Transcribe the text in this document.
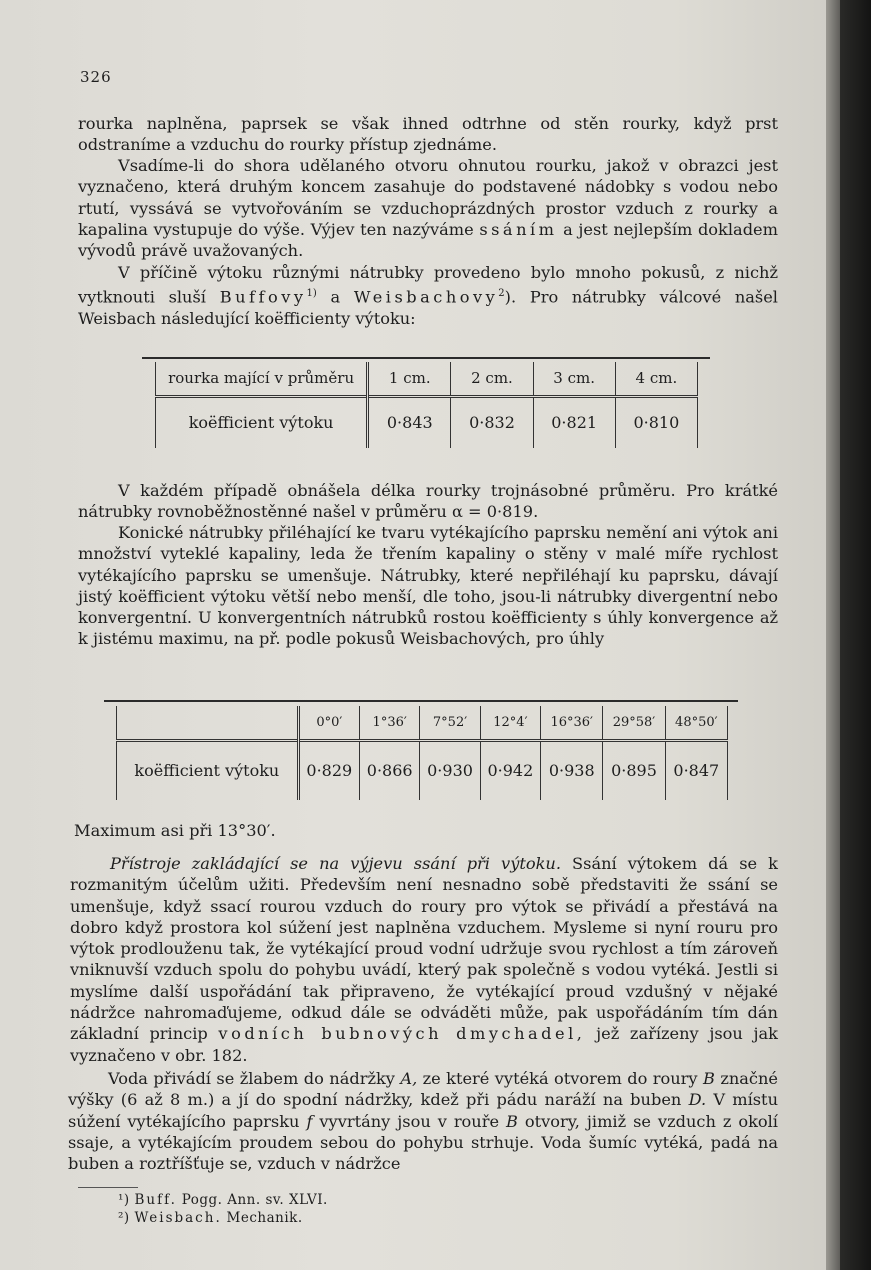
326

rourka naplněna, paprsek se však ihned odtrhne od stěn rourky, když prst odstraníme a vzduchu do rourky přístup zjednáme.

Vsadíme-li do shora udělaného otvoru ohnutou rourku, jakož v obrazci jest vyznačeno, která druhým koncem zasahuje do podstavené nádobky s vodou nebo rtutí, vyssává se vytvořováním se vzduchoprázdných prostor vzduch z rourky a kapalina vystupuje do výše. Výjev ten nazýváme ssáním a jest nejlepším dokladem vývodů právě uvažovaných.

V příčině výtoku různými nátrubky provedeno bylo mnoho pokusů, z nichž vytknouti sluší Buffovy$^{1)}$ a Weisbachovy$^2$). Pro nátrubky válcové našel Weisbach následující koëfficienty výtoku:

rourka mající v průměru	1 cm.	2 cm.	3 cm.	4 cm.
koëfficient výtoku	0·843	0·832	0·821	0·810

V každém případě obnášela délka rourky trojnásobné průměru. Pro krátké nátrubky rovnoběžnostěnné našel v průměru α = 0·819.

Konické nátrubky přiléhající ke tvaru vytékajícího paprsku nemění ani výtok ani množství vyteklé kapaliny, leda že třením kapaliny o stěny v malé míře rychlost vytékajícího paprsku se umenšuje. Nátrubky, které nepřiléhají ku paprsku, dávají jistý koëfficient výtoku větší nebo menší, dle toho, jsou-li nátrubky divergentní nebo konvergentní. U konvergentních nátrubků rostou koëfficienty s úhly konvergence až k jistému maximu, na př. podle pokusů Weisbachových, pro úhly

	0°0′	1°36′	7°52′	12°4′	16°36′	29°58′	48°50′
koëfficient výtoku	0·829	0·866	0·930	0·942	0·938	0·895	0·847

Maximum asi při 13°30′.

Přístroje zakládající se na výjevu ssání při výtoku. Ssání výtokem dá se k rozmanitým účelům užiti. Především není nesnadno sobě představiti že ssání se umenšuje, když ssací rourou vzduch do roury pro výtok se přivádí a přestává na dobro když prostora kol súžení jest naplněna vzduchem. Mysleme si nyní rouru pro výtok prodlouženu tak, že vytékající proud vodní udržuje svou rychlost a tím zároveň vniknuvší vzduch spolu do pohybu uvádí, který pak společně s vodou vytéká. Jestli si myslíme další uspořádání tak připraveno, že vytékající proud vzdušný v nějaké nádržce nahromaďujeme, odkud dále se odváděti může, pak uspořádáním tím dán základní princip vodních bubnových dmychadel, jež zařízeny jsou jak vyznačeno v obr. 182.

Voda přivádí se žlabem do nádržky A, ze které vytéká otvorem do roury B značné výšky (6 až 8 m.) a jí do spodní nádržky, kdež při pádu naráží na buben D. V místu súžení vytékajícího paprsku f vyvrtány jsou v rouře B otvory, jimiž se vzduch z okolí ssaje, a vytékajícím proudem sebou do pohybu strhuje. Voda šumíc vytéká, padá na buben a roztříšťuje se, vzduch v nádržce

¹) Buff. Pogg. Ann. sv. XLVI.
²) Weisbach. Mechanik.
